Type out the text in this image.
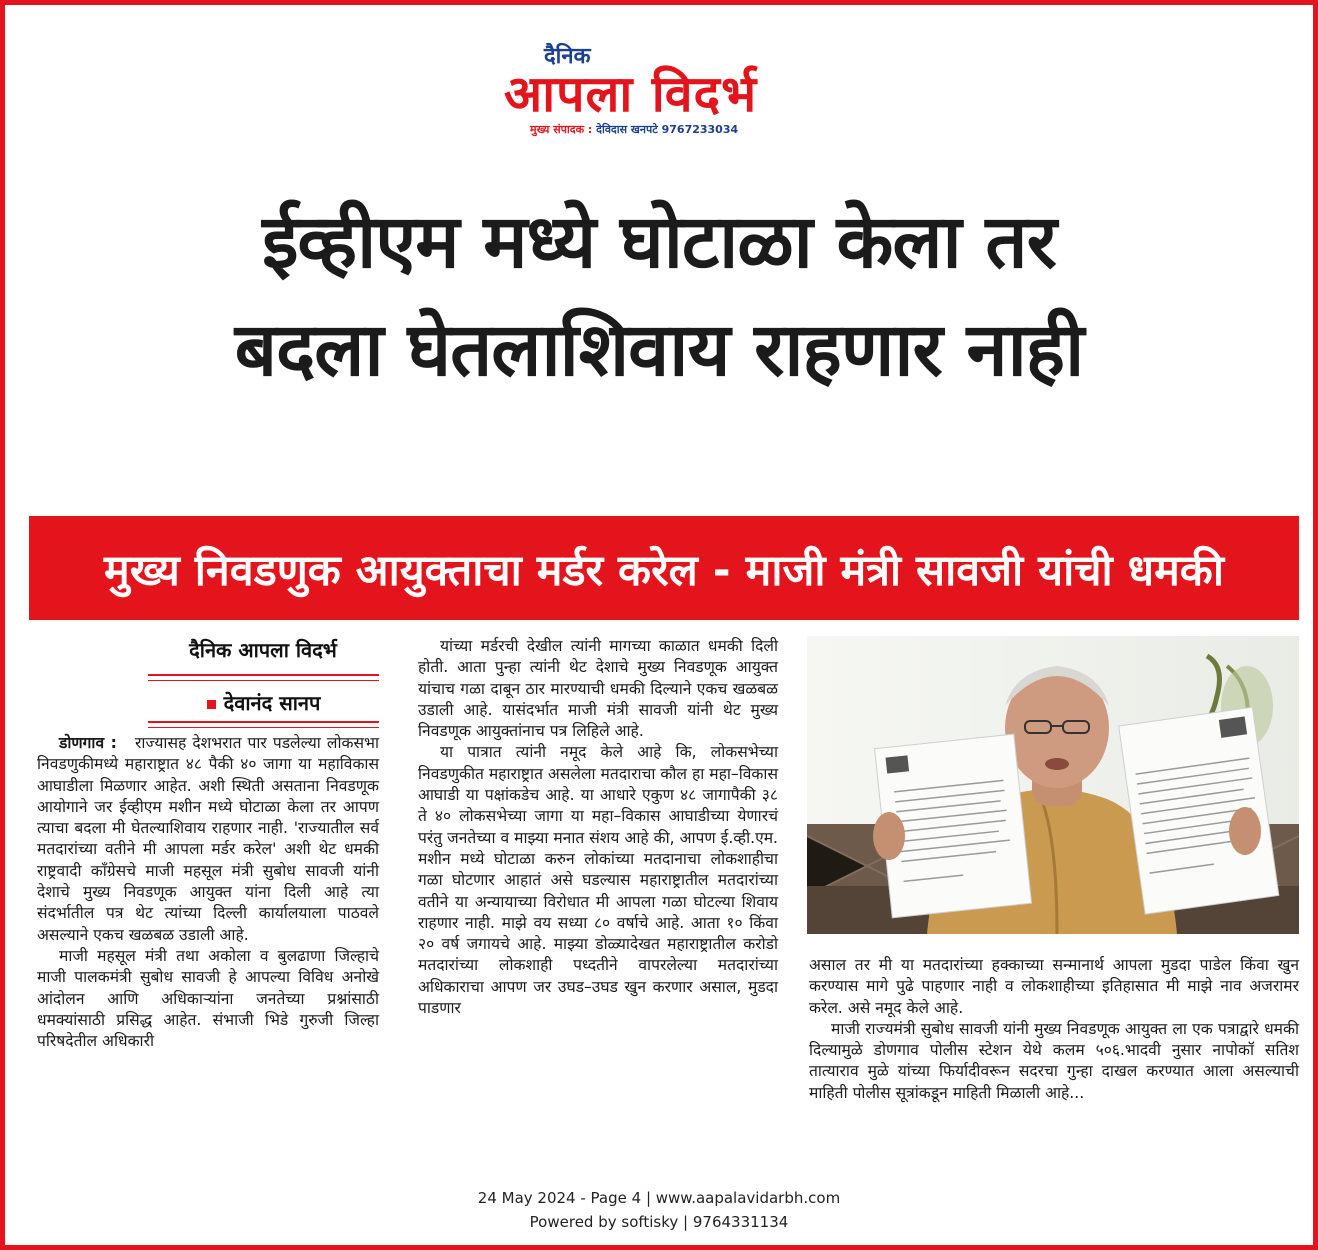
दैनिक
आपला विदर्भ
मुख्य संपादक : देविदास खनपटे 9767233034
ईव्हीएम मध्ये घोटाळा केला तर
बदला घेतलाशिवाय राहणार नाही
मुख्य निवडणुक आयुक्ताचा मर्डर करेल - माजी मंत्री सावजी यांची धमकी
दैनिक आपला विदर्भ
देवानंद सानप

डोणगाव : राज्यासह देशभरात पार पडलेल्या लोकसभा निवडणुकीमध्ये महाराष्ट्रात ४८ पैकी ४० जागा या महाविकास आघाडीला मिळणार आहेत. अशी स्थिती असताना निवडणूक आयोगाने जर ईव्हीएम मशीन मध्ये घोटाळा केला तर आपण त्याचा बदला मी घेतल्याशिवाय राहणार नाही. 'राज्यातील सर्व मतदारांच्या वतीने मी आपला मर्डर करेल' अशी थेट धमकी राष्ट्रवादी काँग्रेसचे माजी महसूल मंत्री सुबोध सावजी यांनी देशाचे मुख्य निवडणूक आयुक्त यांना दिली आहे त्या संदर्भातील पत्र थेट त्यांच्या दिल्ली कार्यालयाला पाठवले असल्याने एकच खळबळ उडाली आहे.

माजी महसूल मंत्री तथा अकोला व बुलढाणा जिल्हाचे माजी पालकमंत्री सुबोध सावजी हे आपल्या विविध अनोखे आंदोलन आणि अधिकाऱ्यांना जनतेच्या प्रश्नांसाठी धमक्यांसाठी प्रसिद्ध आहेत. संभाजी भिडे गुरुजी जिल्हा परिषदेतील अधिकारी

यांच्या मर्डरची देखील त्यांनी मागच्या काळात धमकी दिली होती. आता पुन्हा त्यांनी थेट देशाचे मुख्य निवडणूक आयुक्त यांचाच गळा दाबून ठार मारण्याची धमकी दिल्याने एकच खळबळ उडाली आहे. यासंदर्भात माजी मंत्री सावजी यांनी थेट मुख्य निवडणूक आयुक्तांनाच पत्र लिहिले आहे.

या पात्रात त्यांनी नमूद केले आहे कि, लोकसभेच्या निवडणुकीत महाराष्ट्रात असलेला मतदाराचा कौल हा महा–विकास आघाडी या पक्षांकडेच आहे. या आधारे एकुण ४८ जागापैकी ३८ ते ४० लोकसभेच्या जागा या महा–विकास आघाडीच्या येणारचं परंतु जनतेच्या व माझ्या मनात संशय आहे की, आपण ई.व्ही.एम. मशीन मध्ये घोटाळा करुन लोकांच्या मतदानाचा लोकशाहीचा गळा घोटणार आहातं असे घडल्यास महाराष्ट्रातील मतदारांच्या वतीने या अन्यायाच्या विरोधात मी आपला गळा घोटल्या शिवाय राहणार नाही. माझे वय सध्या ८० वर्षाचे आहे. आता १० किंवा २० वर्ष जगायचे आहे. माझ्या डोळ्यादेखत महाराष्ट्रातील करोडो मतदारांच्या लोकशाही पध्दतीने वापरलेल्या मतदारांच्या अधिकाराचा आपण जर उघड–उघड खुन करणार असाल, मुडदा पाडणार

असाल तर मी या मतदारांच्या हक्काच्या सन्मानार्थ आपला मुडदा पाडेल किंवा खुन करण्यास मागे पुढे पाहणार नाही व लोकशाहीच्या इतिहासात मी माझे नाव अजरामर करेल. असे नमूद केले आहे.

माजी राज्यमंत्री सुबोध सावजी यांनी मुख्य निवडणूक आयुक्त ला एक पत्राद्वारे धमकी दिल्यामुळे डोणगाव पोलीस स्टेशन येथे कलम ५०६.भादवी नुसार नापोकॉ सतिश तात्याराव मुळे यांच्या फिर्यादीवरून सदरचा गुन्हा दाखल करण्यात आला असल्याची माहिती पोलीस सूत्रांकडून माहिती मिळाली आहे...

24 May 2024 - Page 4 | www.aapalavidarbh.com
Powered by softisky | 9764331134
